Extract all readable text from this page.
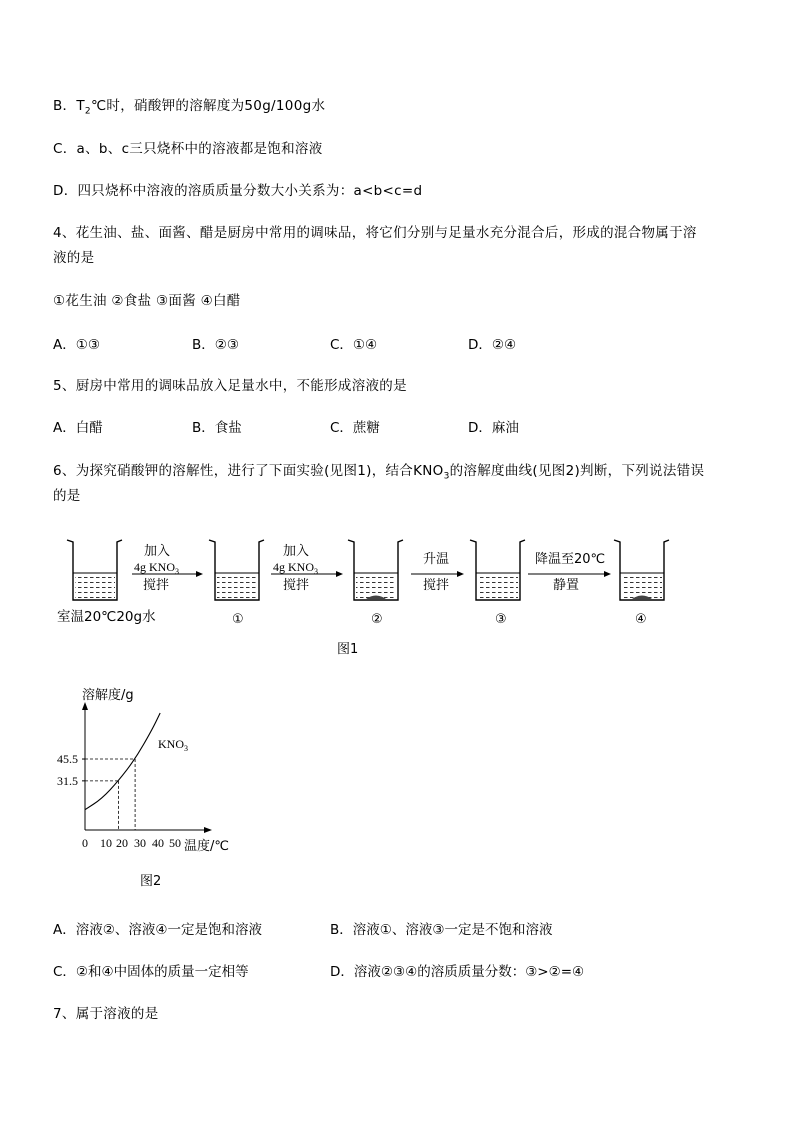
B．$T_2℃$时，硝酸钾的溶解度为50g/100g水
C．a、b、c三只烧杯中的溶液都是饱和溶液
D．四只烧杯中溶液的溶质质量分数大小关系为：a<b<c=d
4、花生油、盐、面酱、醋是厨房中常用的调味品，将它们分别与足量水充分混合后，形成的混合物属于溶
液的是
①花生油 ②食盐 ③面酱 ④白醋
A．①③	B．②③	C．①④	D．②④
5、厨房中常用的调味品放入足量水中，不能形成溶液的是
A．白醋	B．食盐	C．蔗糖	D．麻油
6、为探究硝酸钾的溶解性，进行了下面实验(见图1)，结合$KNO_3$的溶解度曲线(见图2)判断，下列说法错误
的是
室温20℃20g水
加入
4g $KNO_3$
搅拌
①
加入
4g $KNO_3$
搅拌
②
升温
搅拌
③
降温至20℃
静置
④
图1
溶解度/g
温度/℃
0 10 20 30 40 50
31.5
45.5
$KNO_3$
图2
A．溶液②、溶液④一定是饱和溶液	B．溶液①、溶液③一定是不饱和溶液
C．②和④中固体的质量一定相等	D．溶液②③④的溶质质量分数：③>②=④
7、属于溶液的是
